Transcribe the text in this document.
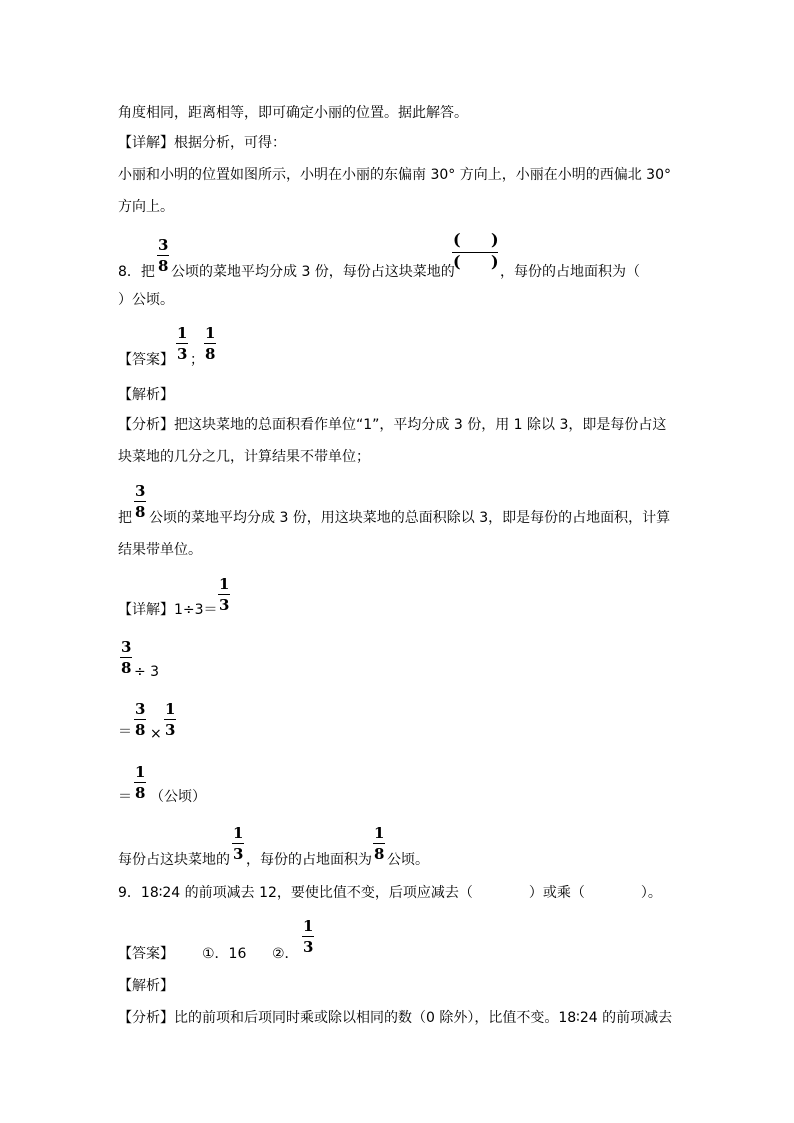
角度相同，距离相等，即可确定小丽的位置。据此解答。
【详解】根据分析，可得：
小丽和小明的位置如图所示，小明在小丽的东偏南 30° 方向上，小丽在小明的西偏北 30°
方向上。
8．把 $\frac{3}{8}$ 公顷的菜地平均分成 3 份，每份占这块菜地的
( )
( )
，每份的占地面积为（
）公顷。
【答案】 $\frac{1}{3}$ ； $\frac{1}{8}$
【解析】
【分析】把这块菜地的总面积看作单位“1”，平均分成 3 份，用 1 除以 3，即是每份占这
块菜地的几分之几，计算结果不带单位；
把 $\frac{3}{8}$ 公顷的菜地平均分成 3 份，用这块菜地的总面积除以 3，即是每份的占地面积，计算
结果带单位。
【详解】$1\div 3= \frac{1}{3}$
$\frac{3}{8} \div 3$
＝ $\frac{3}{8} \times \frac{1}{3}$
＝ $\frac{1}{8}$ （公顷）
每份占这块菜地的 $\frac{1}{3}$ ，每份的占地面积为 $\frac{1}{8}$ 公顷。
9．18∶24 的前项减去 12，要使比值不变，后项应减去（　　　　）或乘（　　　　）。
【答案】 ①．16 ②． $\frac{1}{3}$
【解析】
【分析】比的前项和后项同时乘或除以相同的数（0 除外），比值不变。18∶24 的前项减去
